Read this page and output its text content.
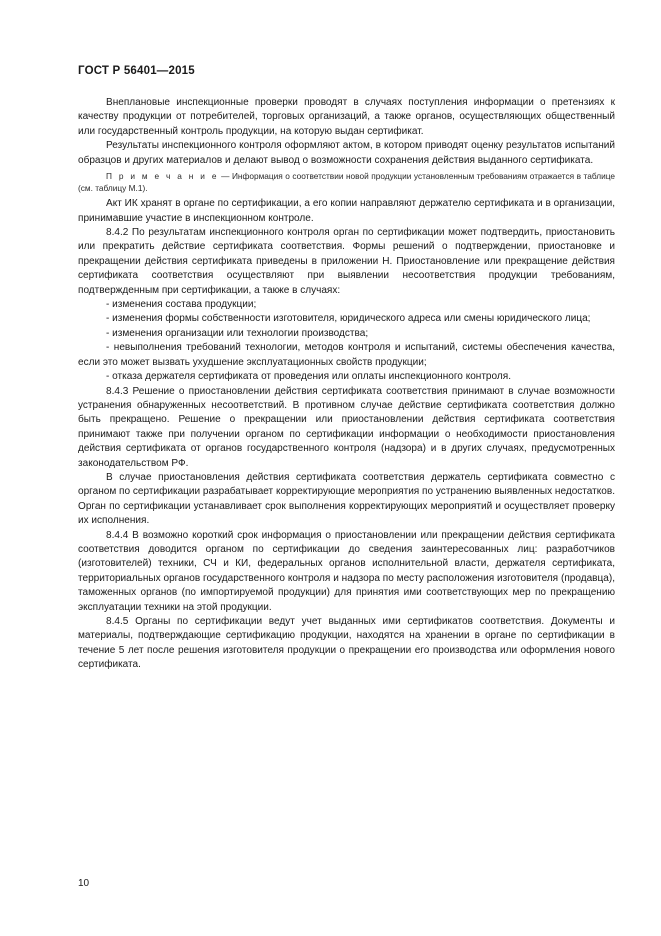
ГОСТ Р 56401—2015

Внеплановые инспекционные проверки проводят в случаях поступления информации о претензиях к качеству продукции от потребителей, торговых организаций, а также органов, осуществляющих общественный или государственный контроль продукции, на которую выдан сертификат.

Результаты инспекционного контроля оформляют актом, в котором приводят оценку результатов испытаний образцов и других материалов и делают вывод о возможности сохранения действия выданного сертификата.

П р и м е ч а н и е — Информация о соответствии новой продукции установленным требованиям отражается в таблице (см. таблицу М.1).

Акт ИК хранят в органе по сертификации, а его копии направляют держателю сертификата и в организации, принимавшие участие в инспекционном контроле.

8.4.2 По результатам инспекционного контроля орган по сертификации может подтвердить, приостановить или прекратить действие сертификата соответствия. Формы решений о подтверждении, приостановке и прекращении действия сертификата приведены в приложении Н. Приостановление или прекращение действия сертификата соответствия осуществляют при выявлении несоответствия продукции требованиям, подтвержденным при сертификации, а также в случаях:

- изменения состава продукции;

- изменения формы собственности изготовителя, юридического адреса или смены юридического лица;

- изменения организации или технологии производства;

- невыполнения требований технологии, методов контроля и испытаний, системы обеспечения качества, если это может вызвать ухудшение эксплуатационных свойств продукции;

- отказа держателя сертификата от проведения или оплаты инспекционного контроля.

8.4.3 Решение о приостановлении действия сертификата соответствия принимают в случае возможности устранения обнаруженных несоответствий. В противном случае действие сертификата соответствия должно быть прекращено. Решение о прекращении или приостановлении действия сертификата соответствия принимают также при получении органом по сертификации информации о необходимости приостановления действия сертификата от органов государственного контроля (надзора) и в других случаях, предусмотренных законодательством РФ.

В случае приостановления действия сертификата соответствия держатель сертификата совместно с органом по сертификации разрабатывает корректирующие мероприятия по устранению выявленных недостатков. Орган по сертификации устанавливает срок выполнения корректирующих мероприятий и осуществляет проверку их исполнения.

8.4.4 В возможно короткий срок информация о приостановлении или прекращении действия сертификата соответствия доводится органом по сертификации до сведения заинтересованных лиц: разработчиков (изготовителей) техники, СЧ и КИ, федеральных органов исполнительной власти, держателя сертификата, территориальных органов государственного контроля и надзора по месту расположения изготовителя (продавца), таможенных органов (по импортируемой продукции) для принятия ими соответствующих мер по прекращению эксплуатации техники на этой продукции.

8.4.5 Органы по сертификации ведут учет выданных ими сертификатов соответствия. Документы и материалы, подтверждающие сертификацию продукции, находятся на хранении в органе по сертификации в течение 5 лет после решения изготовителя продукции о прекращении его производства или оформления нового сертификата.

10
